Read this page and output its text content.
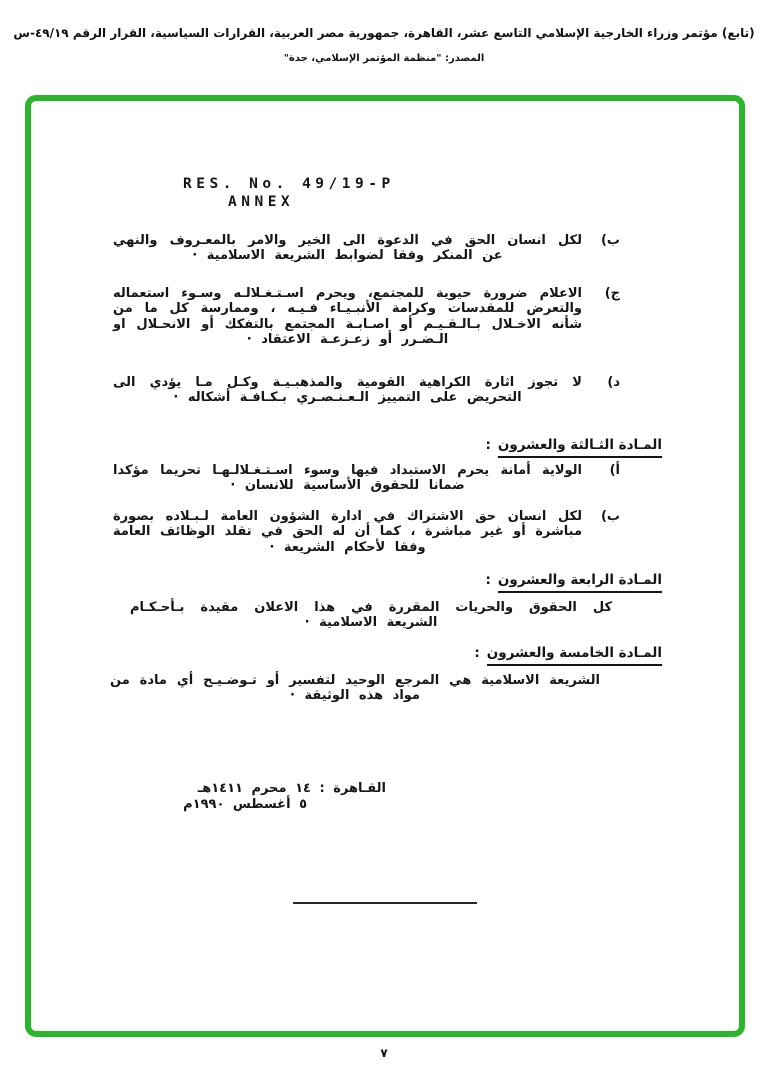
(تابع) مؤتمر وزراء الخارجية الإسلامي التاسع عشر، القاهرة، جمهورية مصر العربية، القرارات السياسية، القرار الرقم ٤٩/١٩-س
المصدر: "منظمة المؤتمر الإسلامي، جدة"
RES. No. 49/19-P
ANNEX
ب)
لكل انسان الحق في الدعوة الى الخير والامر بالمعـروف والنهي عن المنكر وفقا لضوابط الشريعة الاسلامية ·
ج)
الاعلام ضرورة حيوية للمجتمع، ويحرم اسـتـغـلالـه وسـوء استعماله والتعرض للمقدسات وكرامة الأنبـيـاء فـيـه ، وممارسة كل ما من شأنه الاخـلال بـالـقـيـم أو اصـابـة المجتمع بالتفكك أو الانحـلال او الـضـرر أو زعـزعـة الاعتقاد ·
د)
لا تجوز اثارة الكراهية القومية والمذهبـيـة وكـل مـا يؤدي الى التحريض على التمييز الـعـنـصـري بـكـافـة أشكاله ·
المـادة الثـالثة والعشرون:
أ)
الولاية أمانة يحرم الاستبداد فيها وسوء اسـتـغـلالـهـا تحريما مؤكدا ضمانا للحقوق الأساسية للانسان ·
ب)
لكل انسان حق الاشتراك في ادارة الشؤون العامة لـبـلاده بصورة مباشرة أو غير مباشرة ، كما أن له الحق في تقلد الوظائف العامة وفقا لأحكام الشريعة ·
المـادة الرابعة والعشرون:
كل الحقوق والحريات المقررة في هذا الاعلان مقيدة بـأحـكـام الشريعة الاسلامية ·
المـادة الخامسة والعشرون:
الشريعة الاسلامية هي المرجع الوحيد لتفسير أو تـوضـيـح أي مادة من مواد هذه الوثيقة ·
القـاهرة : ١٤ محرم ١٤١١هـ
٥ أغسطس ١٩٩٠م
٧
